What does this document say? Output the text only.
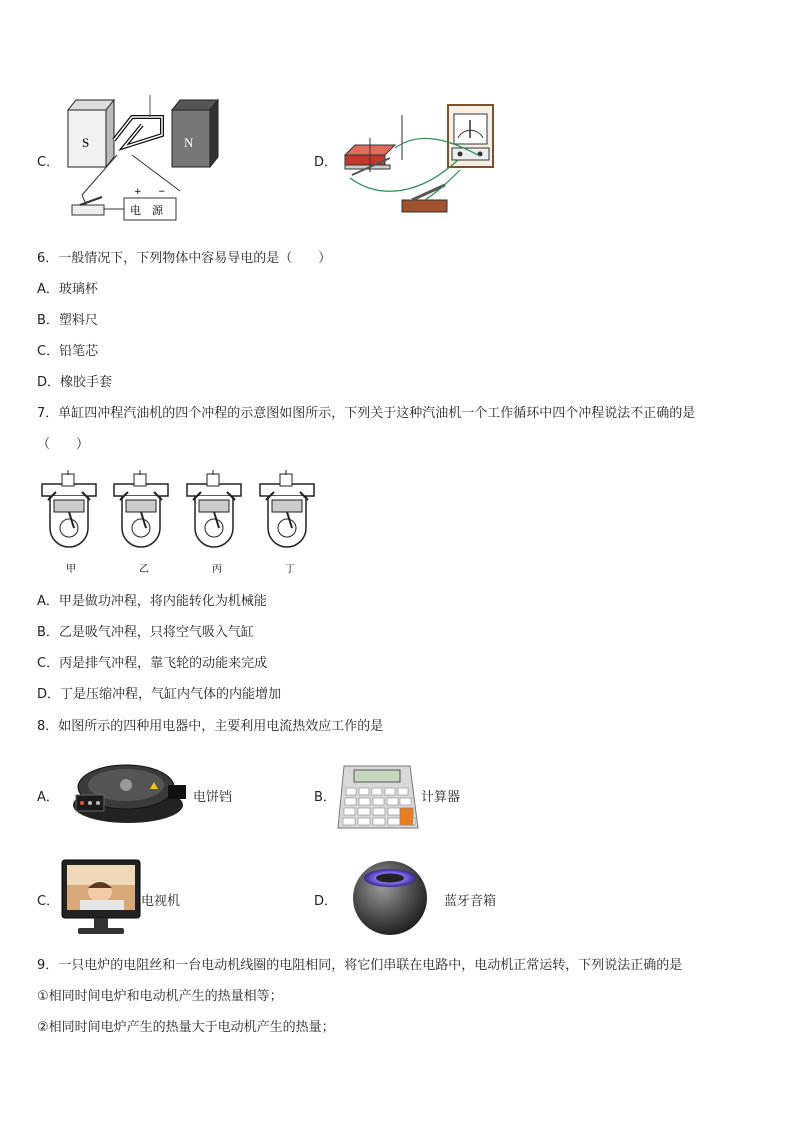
C．
S	N
+ −
电　源
D．
6．一般情况下，下列物体中容易导电的是（　　）
A．玻璃杯
B．塑料尺
C．铅笔芯
D．橡胶手套
7．单缸四冲程汽油机的四个冲程的示意图如图所示，下列关于这种汽油机一个工作循环中四个冲程说法不正确的是
（　　）
甲	乙	丙	丁
A．甲是做功冲程，将内能转化为机械能
B．乙是吸气冲程，只将空气吸入气缸
C．丙是排气冲程，靠飞轮的动能来完成
D．丁是压缩冲程，气缸内气体的内能增加
8．如图所示的四种用电器中，主要利用电流热效应工作的是
A．	电饼铛	B．	计算器
C．	电视机	D．	蓝牙音箱
9．一只电炉的电阻丝和一台电动机线圈的电阻相同，将它们串联在电路中，电动机正常运转，下列说法正确的是
①相同时间电炉和电动机产生的热量相等；
②相同时间电炉产生的热量大于电动机产生的热量；
